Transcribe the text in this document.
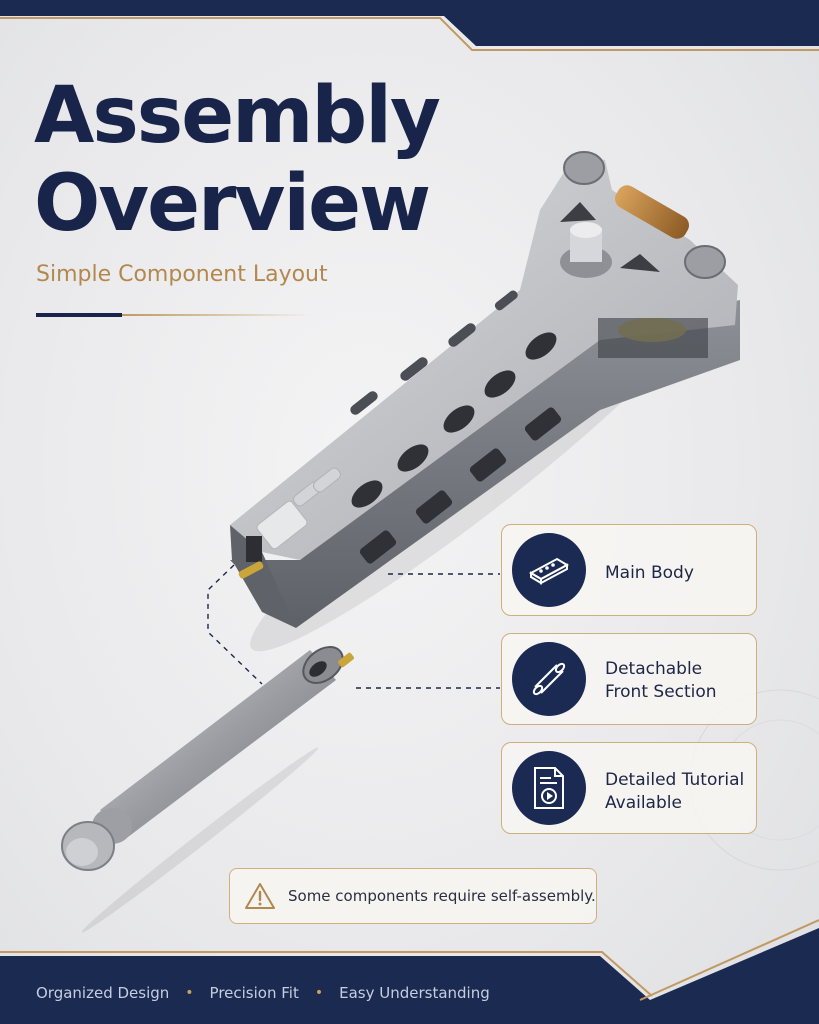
Assembly
Overview
Simple Component Layout
Main Body
Detachable
Front Section
Detailed Tutorial
Available
Some components require self-assembly.
Organized Design • Precision Fit • Easy Understanding
